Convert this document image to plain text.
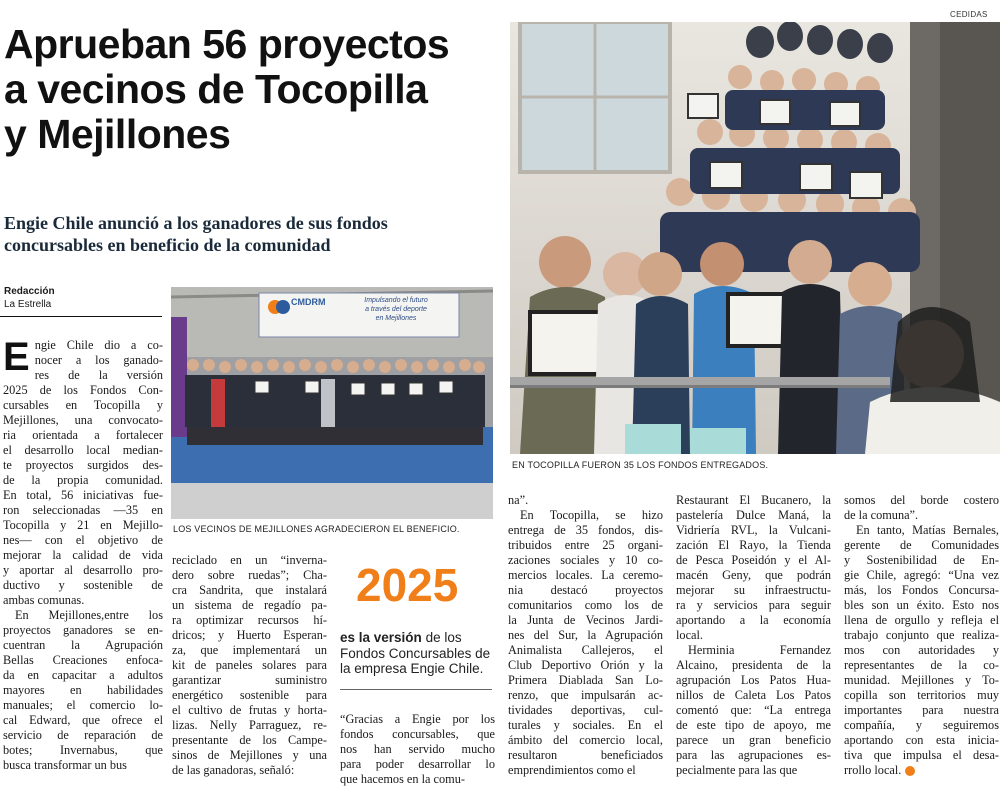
CEDIDAS
Aprueban 56 proyectos
a vecinos de Tocopilla
y Mejillones
Engie Chile anunció a los ganadores de sus fondos
concursables en beneficio de la comunidad
Redacción
La Estrella
EN TOCOPILLA FUERON 35 LOS FONDOS ENTREGADOS.
CMDRM	Impulsando el futuro
a través del deporte
en Mejillones
LOS VECINOS DE MEJILLONES AGRADECIERON EL BENEFICIO.
E ngie Chile dio a co-
nocer a los ganado-
res de la versión
2025 de los Fondos Con-
cursables en Tocopilla y
Mejillones, una convocato-
ria orientada a fortalecer
el desarrollo local median-
te proyectos surgidos des-
de la propia comunidad.
En total, 56 iniciativas fue-
ron seleccionadas —35 en
Tocopilla y 21 en Mejillo-
nes— con el objetivo de
mejorar la calidad de vida
y aportar al desarrollo pro-
ductivo y sostenible de
ambas comunas.
En Mejillones,entre los
proyectos ganadores se en-
cuentran la Agrupación
Bellas Creaciones enfoca-
da en capacitar a adultos
mayores en habilidades
manuales; el comercio lo-
cal Edward, que ofrece el
servicio de reparación de
botes; Invernabus, que
busca transformar un bus
reciclado en un “inverna-
dero sobre ruedas”; Cha-
cra Sandrita, que instalará
un sistema de regadío pa-
ra optimizar recursos hí-
dricos; y Huerto Esperan-
za, que implementará un
kit de paneles solares para
garantizar suministro
energético sostenible para
el cultivo de frutas y horta-
lizas. Nelly Parraguez, re-
presentante de los Campe-
sinos de Mejillones y una
de las ganadoras, señaló:
2025
es la versión de los Fondos Concursables de la empresa Engie Chile.
“Gracias a Engie por los
fondos concursables, que
nos han servido mucho
para poder desarrollar lo
que hacemos en la comu-
na”.
En Tocopilla, se hizo
entrega de 35 fondos, dis-
tribuidos entre 25 organi-
zaciones sociales y 10 co-
mercios locales. La ceremo-
nia destacó proyectos
comunitarios como los de
la Junta de Vecinos Jardi-
nes del Sur, la Agrupación
Animalista Callejeros, el
Club Deportivo Orión y la
Primera Diablada San Lo-
renzo, que impulsarán ac-
tividades deportivas, cul-
turales y sociales. En el
ámbito del comercio local,
resultaron beneficiados
emprendimientos como el
Restaurant El Bucanero, la
pastelería Dulce Maná, la
Vidriería RVL, la Vulcani-
zación El Rayo, la Tienda
de Pesca Poseidón y el Al-
macén Geny, que podrán
mejorar su infraestructu-
ra y servicios para seguir
aportando a la economía
local.
Herminia Fernandez
Alcaino, presidenta de la
agrupación Los Patos Hua-
nillos de Caleta Los Patos
comentó que: “La entrega
de este tipo de apoyo, me
parece un gran beneficio
para las agrupaciones es-
pecialmente para las que
somos del borde costero
de la comuna”.
En tanto, Matías Bernales,
gerente de Comunidades
y Sostenibilidad de En-
gie Chile, agregó: “Una vez
más, los Fondos Concursa-
bles son un éxito. Esto nos
llena de orgullo y refleja el
trabajo conjunto que realiza-
mos con autoridades y
representantes de la co-
munidad. Mejillones y To-
copilla son territorios muy
importantes para nuestra
compañía, y seguiremos
aportando con esta inicia-
tiva que impulsa el desa-
rrollo local.
